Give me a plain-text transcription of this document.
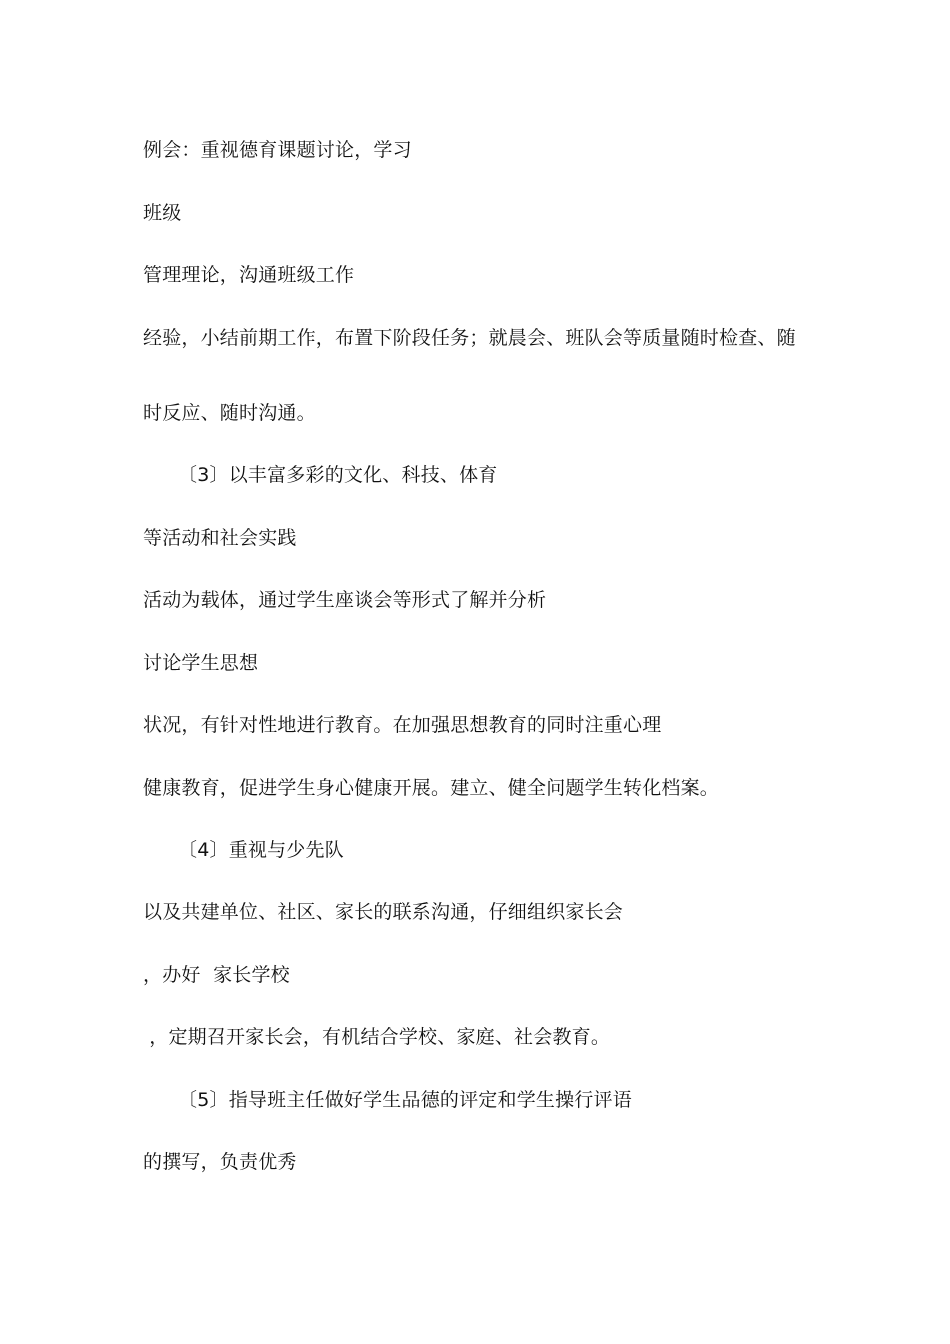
例会：重视德育课题讨论，学习
班级
管理理论，沟通班级工作
经验，小结前期工作，布置下阶段任务；就晨会、班队会等质量随时检查、随
时反应、随时沟通。
〔3〕以丰富多彩的文化、科技、体育
等活动和社会实践
活动为载体，通过学生座谈会等形式了解并分析
讨论学生思想
状况，有针对性地进行教育。在加强思想教育的同时注重心理
健康教育，促进学生身心健康开展。建立、健全问题学生转化档案。
〔4〕重视与少先队
以及共建单位、社区、家长的联系沟通，仔细组织家长会
，办好  家长学校
，定期召开家长会，有机结合学校、家庭、社会教育。
〔5〕指导班主任做好学生品德的评定和学生操行评语
的撰写，负责优秀
